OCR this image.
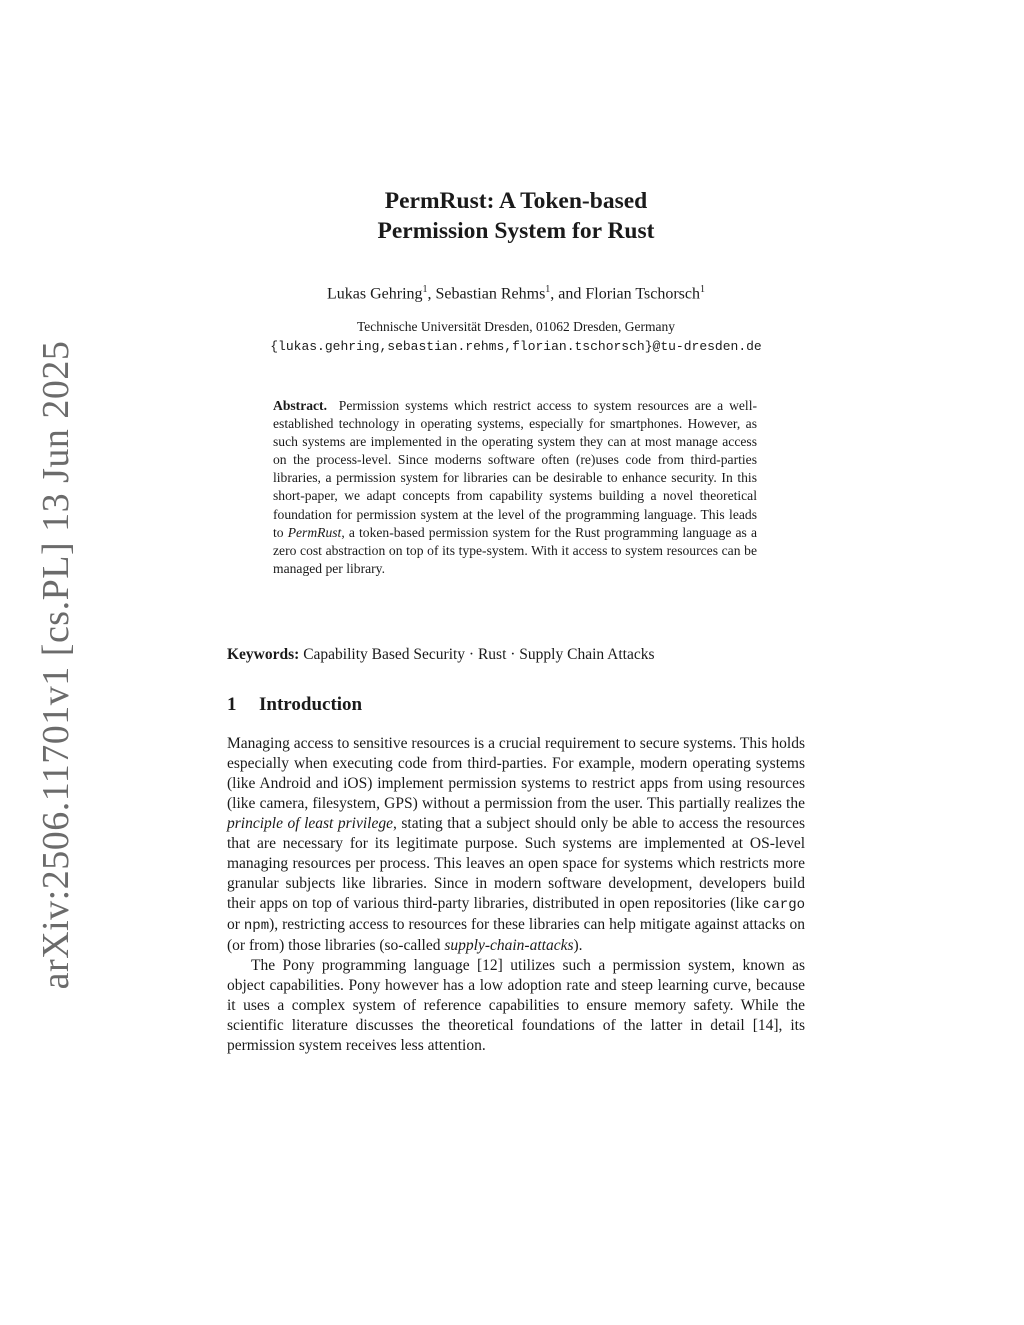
arXiv:2506.11701v1 [cs.PL] 13 Jun 2025
PermRust: A Token-based
Permission System for Rust
Lukas Gehring$^1$, Sebastian Rehms$^1$, and Florian Tschorsch$^1$
Technische Universität Dresden, 01062 Dresden, Germany
{lukas.gehring,sebastian.rehms,florian.tschorsch}@tu-dresden.de
Abstract. Permission systems which restrict access to system resources are a well-established technology in operating systems, especially for smartphones. However, as such systems are implemented in the operating system they can at most manage access on the process-level. Since moderns software often (re)uses code from third-parties libraries, a permission system for libraries can be desirable to enhance security. In this short-paper, we adapt concepts from capability systems building a novel theoretical foundation for permission system at the level of the programming language. This leads to PermRust, a token-based permission system for the Rust programming language as a zero cost abstraction on top of its type-system. With it access to system resources can be managed per library.
Keywords: Capability Based Security · Rust · Supply Chain Attacks
1 Introduction

Managing access to sensitive resources is a crucial requirement to secure systems. This holds especially when executing code from third-parties. For example, modern operating systems (like Android and iOS) implement permission systems to restrict apps from using resources (like camera, filesystem, GPS) without a permission from the user. This partially realizes the principle of least privilege, stating that a subject should only be able to access the resources that are necessary for its legitimate purpose. Such systems are implemented at OS-level managing resources per process. This leaves an open space for systems which restricts more granular subjects like libraries. Since in modern software development, developers build their apps on top of various third-party libraries, distributed in open repositories (like cargo or npm), restricting access to resources for these libraries can help mitigate against attacks on (or from) those libraries (so-called supply-chain-attacks).

The Pony programming language [12] utilizes such a permission system, known as object capabilities. Pony however has a low adoption rate and steep learning curve, because it uses a complex system of reference capabilities to ensure memory safety. While the scientific literature discusses the theoretical foundations of the latter in detail [14], its permission system receives less attention.
